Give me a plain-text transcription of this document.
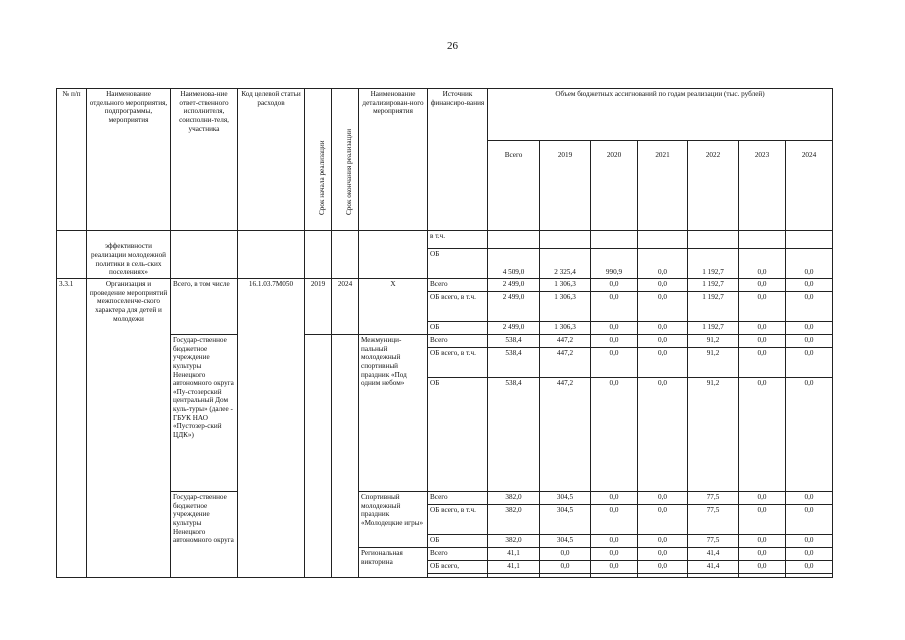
26
№ п/п	Наименование отдельного мероприятия, подпрограммы, мероприятия	Наименова-ние ответ-ственного исполнителя, соисполни-теля, участника	Код целевой статьи расходов	Срок начала реализации	Срок окончания реализации	Наименование детализирован-ного мероприятия	Источник финансиро-вания	Объем бюджетных ассигнований по годам реализации (тыс. рублей)						
								Всего	2019	2020	2021	2022	2023	2024
	эффективности реализации молодежной политики в сель-ских поселениях»						в т.ч.							
							ОБ	4 509,0	2 325,4	990,9	0,0	1 192,7	0,0	0,0
3.3.1	Организация и проведение мероприятий межпоселенче-ского характера для детей и молодежи	Всего, в том числе	16.1.03.7М050	2019	2024	Х	Всего	2 499,0	1 306,3	0,0	0,0	1 192,7	0,0	0,0
							ОБ всего, в т.ч.	2 499,0	1 306,3	0,0	0,0	1 192,7	0,0	0,0
							ОБ	2 499,0	1 306,3	0,0	0,0	1 192,7	0,0	0,0
		Государ-ственное бюджетное учреждение культуры Ненецкого автономного округа «Пу-стозерский центральный Дом куль-туры» (далее - ГБУК НАО «Пустозер-ский ЦДК»)				Межмуници-пальный молодежный спортивный праздник «Под одним небом»	Всего	538,4	447,2	0,0	0,0	91,2	0,0	0,0
							ОБ всего, в т.ч.	538,4	447,2	0,0	0,0	91,2	0,0	0,0
							ОБ	538,4	447,2	0,0	0,0	91,2	0,0	0,0
		Государ-ственное бюджетное учреждение культуры Ненецкого автономного округа				Спортивный молодежный праздник «Молодецкие игры»	Всего	382,0	304,5	0,0	0,0	77,5	0,0	0,0
							ОБ всего, в т.ч.	382,0	304,5	0,0	0,0	77,5	0,0	0,0
							ОБ	382,0	304,5	0,0	0,0	77,5	0,0	0,0
						Региональная викторина	Всего	41,1	0,0	0,0	0,0	41,4	0,0	0,0
							ОБ всего,	41,1	0,0	0,0	0,0	41,4	0,0	0,0
